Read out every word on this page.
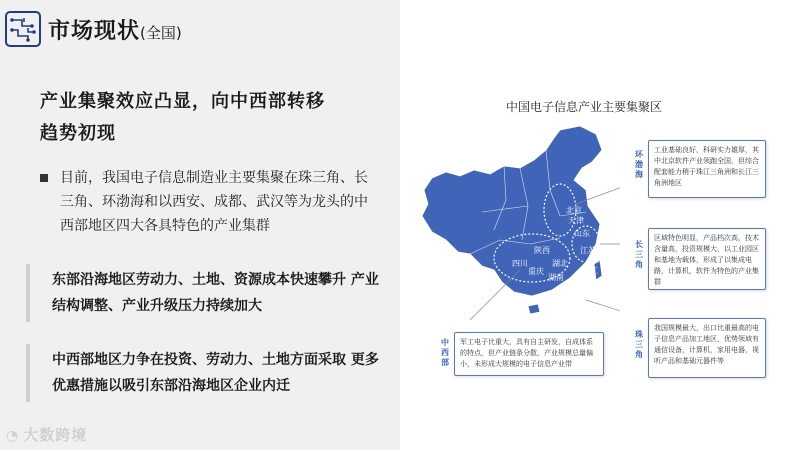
市场现状(全国)
产业集聚效应凸显，向中西部转移
趋势初现
目前，我国电子信息制造业主要集聚在珠三角、长三角、环渤海和以西安、成都、武汉等为龙头的中西部地区四大各具特色的产业集群
东部沿海地区劳动力、土地、资源成本快速攀升 产业结构调整、产业升级压力持续加大
中西部地区力争在投资、劳动力、土地方面采取 更多优惠措施以吸引东部沿海地区企业内迁
◔ 大数跨境
中国电子信息产业主要集聚区
北京
天津
山东
陕西
四川	湖北
江苏
上海
浙江
湖南
重庆
广东
环渤海
工业基础良好，科研实力雄厚，其中北京软件产业领跑全国，但综合配套能力稍于珠江三角洲和长江三角洲地区
长三角
区域特色明显，产品档次高，技术含量高，投资规模大，以工业园区和基地为载体，形成了以集成电路，计算机，软件为特色的产业集群
珠三角
我国规模最大，出口比重最高的电子信息产品加工地区，优势领域有通信设备，计算机，家用电器，视听产品和基础元器件等
中西部
军工电子比重大，具有自主研发，自成体系的特点，但产业链条分散，产业规模总量偏小，未形成大规模的电子信息产业带
